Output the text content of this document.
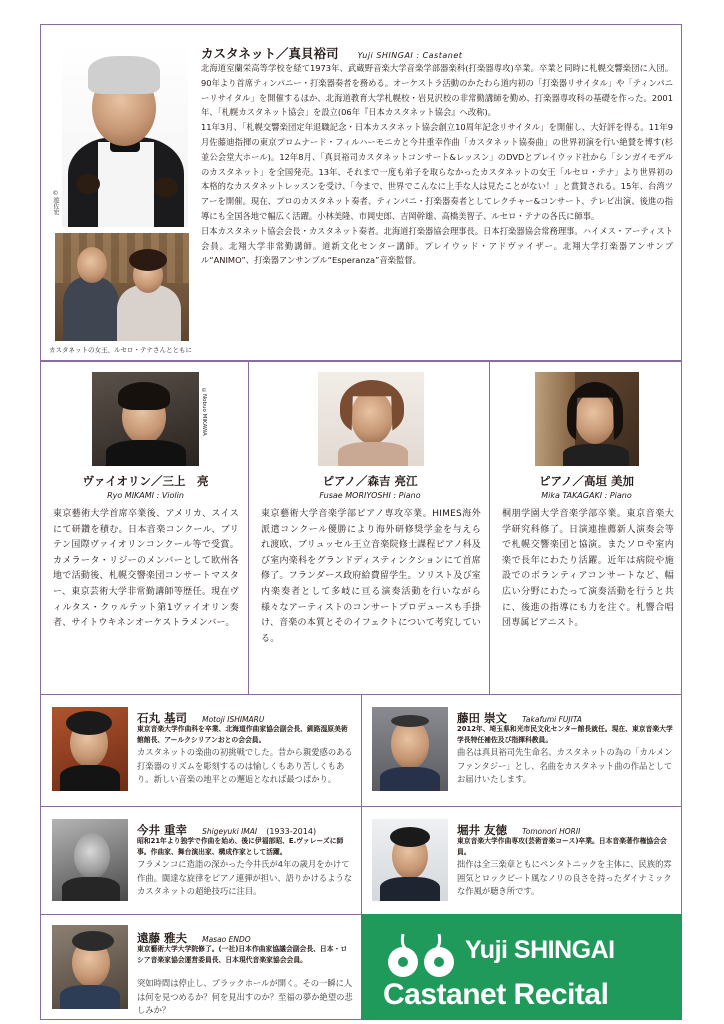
©遊佐宏
カスタネットの女王、ルセロ・テナさんとともに
カスタネット／真貝裕司 Yuji SHINGAI : Castanet

北海道室蘭栄高等学校を経て1973年、武蔵野音楽大学音楽学部器楽科(打楽器専攻)卒業。卒業と同時に札幌交響楽団に入団。90年より首席ティンパニー・打楽器奏者を務める。オーケストラ活動のかたわら道内初の「打楽器リサイタル」や「ティンパニーリサイタル」を開催するほか、北海道教育大学札幌校・岩見沢校の非常勤講師を勤め、打楽器専攻科の基礎を作った。2001年、「札幌カスタネット協会」を設立(06年『日本カスタネット協会』へ改称)。

11年3月、「札幌交響楽団定年退職記念・日本カスタネット協会創立10周年記念リサイタル」を開催し、大好評を得る。11年9月佐藤迪指揮の東京プロムナード・フィルハーモニカと今井重幸作曲「カスタネット協奏曲」の世界初演を行い絶賛を博す(杉並公会堂大ホール)。12年8月、「真貝裕司カスタネットコンサート&レッスン」のDVDとプレイウッド社から「シンガイモデルのカスタネット」を全国発売。13年、それまで一度も弟子を取らなかったカスタネットの女王「ルセロ・テナ」より世界初の本格的なカスタネットレッスンを受け、「今まで、世界でこんなに上手な人は見たことがない！」と賞賛される。15年、台湾ツアーを開催。現在、プロのカスタネット奏者、ティンパニ・打楽器奏者としてレクチャー&コンサート、テレビ出演、後進の指導にも全国各地で幅広く活躍。小林美隆、市岡史郎、吉岡幹雄、高橋美智子、ルセロ・テナの各氏に師事。

日本カスタネット協会会長・カスタネット奏者。北海道打楽器協会理事長。日本打楽器協会常務理事。ハイメス・アーティスト会員。北翔大学非常勤講師。道新文化センター講師。プレイウッド・アドヴァイザー。北翔大学打楽器アンサンブル“ANIMO”、打楽器アンサンブル“Esperanza”音楽監督。

©Nobuo MIKAWA
ヴァイオリン／三上　亮
Ryo MIKAMI : Violin
東京藝術大学首席卒業後、アメリカ、スイスにて研鑽を積む。日本音楽コンクール、ブリテン国際ヴァイオリンコンクール等で受賞。カメラータ・リジーのメンバーとして欧州各地で活動後、札幌交響楽団コンサートマスター、東京芸術大学非常勤講師等歴任。現在ヴィルタス・クヮルテット第1ヴァイオリン奏者、サイトウキネンオーケストラメンバー。
ピアノ／森吉 亮江
Fusae MORIYOSHI : Piano
東京藝術大学音楽学部ピアノ専攻卒業。HIMES海外派遣コンクール優勝により海外研修奨学金を与えられ渡欧、ブリュッセル王立音楽院修士課程ピアノ科及び室内楽科をグランドディスティンクションにて首席修了。フランダース政府給費留学生。ソリスト及び室内楽奏者として多岐に亘る演奏活動を行いながら様々なアーティストのコンサートプロデュースも手掛け、音楽の本質とそのイフェクトについて考究している。
ピアノ／高垣 美加
Mika TAKAGAKI : Piano
桐朋学園大学音楽学部卒業。東京音楽大学研究科修了。日演連推薦新人演奏会等で札幌交響楽団と協演。またソロや室内楽で長年にわたり活躍。近年は病院や施設でのボランティアコンサートなど、幅広い分野にわたって演奏活動を行うと共に、後進の指導にも力を注ぐ。札響合唱団専属ピアニスト。
石丸 基司 Motoji ISHIMARU
東京音楽大学作曲科を卒業、北海道作曲家協会副会長、釧路湿原美術館館長、アールクシリアンおとの会会員。
カスタネットの楽曲の初挑戦でした。昔から親愛感のある打楽器のリズムを彫刻するのは愉しくもあり苦しくもあり。新しい音楽の地平との邂逅となれば最つぱかり。
藤田 崇文 Takafumi FUJITA
2012年、埼玉県和光市民文化センター館長就任。現在、東京音楽大学学長特任補佐及び指揮科教員。
曲名は真貝裕司先生命名、カスタネットの為の「カルメンファンタジー」とし、名曲をカスタネット曲の作品としてお届けいたします。
今井 重幸 Shigeyuki IMAI (1933-2014)
昭和21年より独学で作曲を始め、後に伊福部昭、E.ヴァレーズに師事。作曲家、舞台演出家、構成作家として活躍。
フラメンコに造詣の深かった今井氏が4年の歳月をかけて作曲。闊達な旋律をピアノ連弾が担い、語りかけるようなカスタネットの超絶技巧に注目。
堀井 友徳 Tomonori HORII
東京音楽大学作曲専攻(芸術音楽コース)卒業。日本音楽著作権協会会員。
拙作は全三楽章ともにペンタトニックを主体に、民族的雰囲気とロックビート風なノリの良さを持ったダイナミックな作風が聴き所です。
遠藤 雅夫 Masao ENDO
東京藝術大学大学院修了。(一社)日本作曲家協議会副会長、日本・ロシア音楽家協会運営委員長、日本現代音楽家協会会員。
突如時間は停止し、ブラックホールが開く。その一瞬に人は何を見つめるか？何を見出すのか？至福の夢か絶望の悲しみか？
Yuji SHINGAI
Castanet Recital
